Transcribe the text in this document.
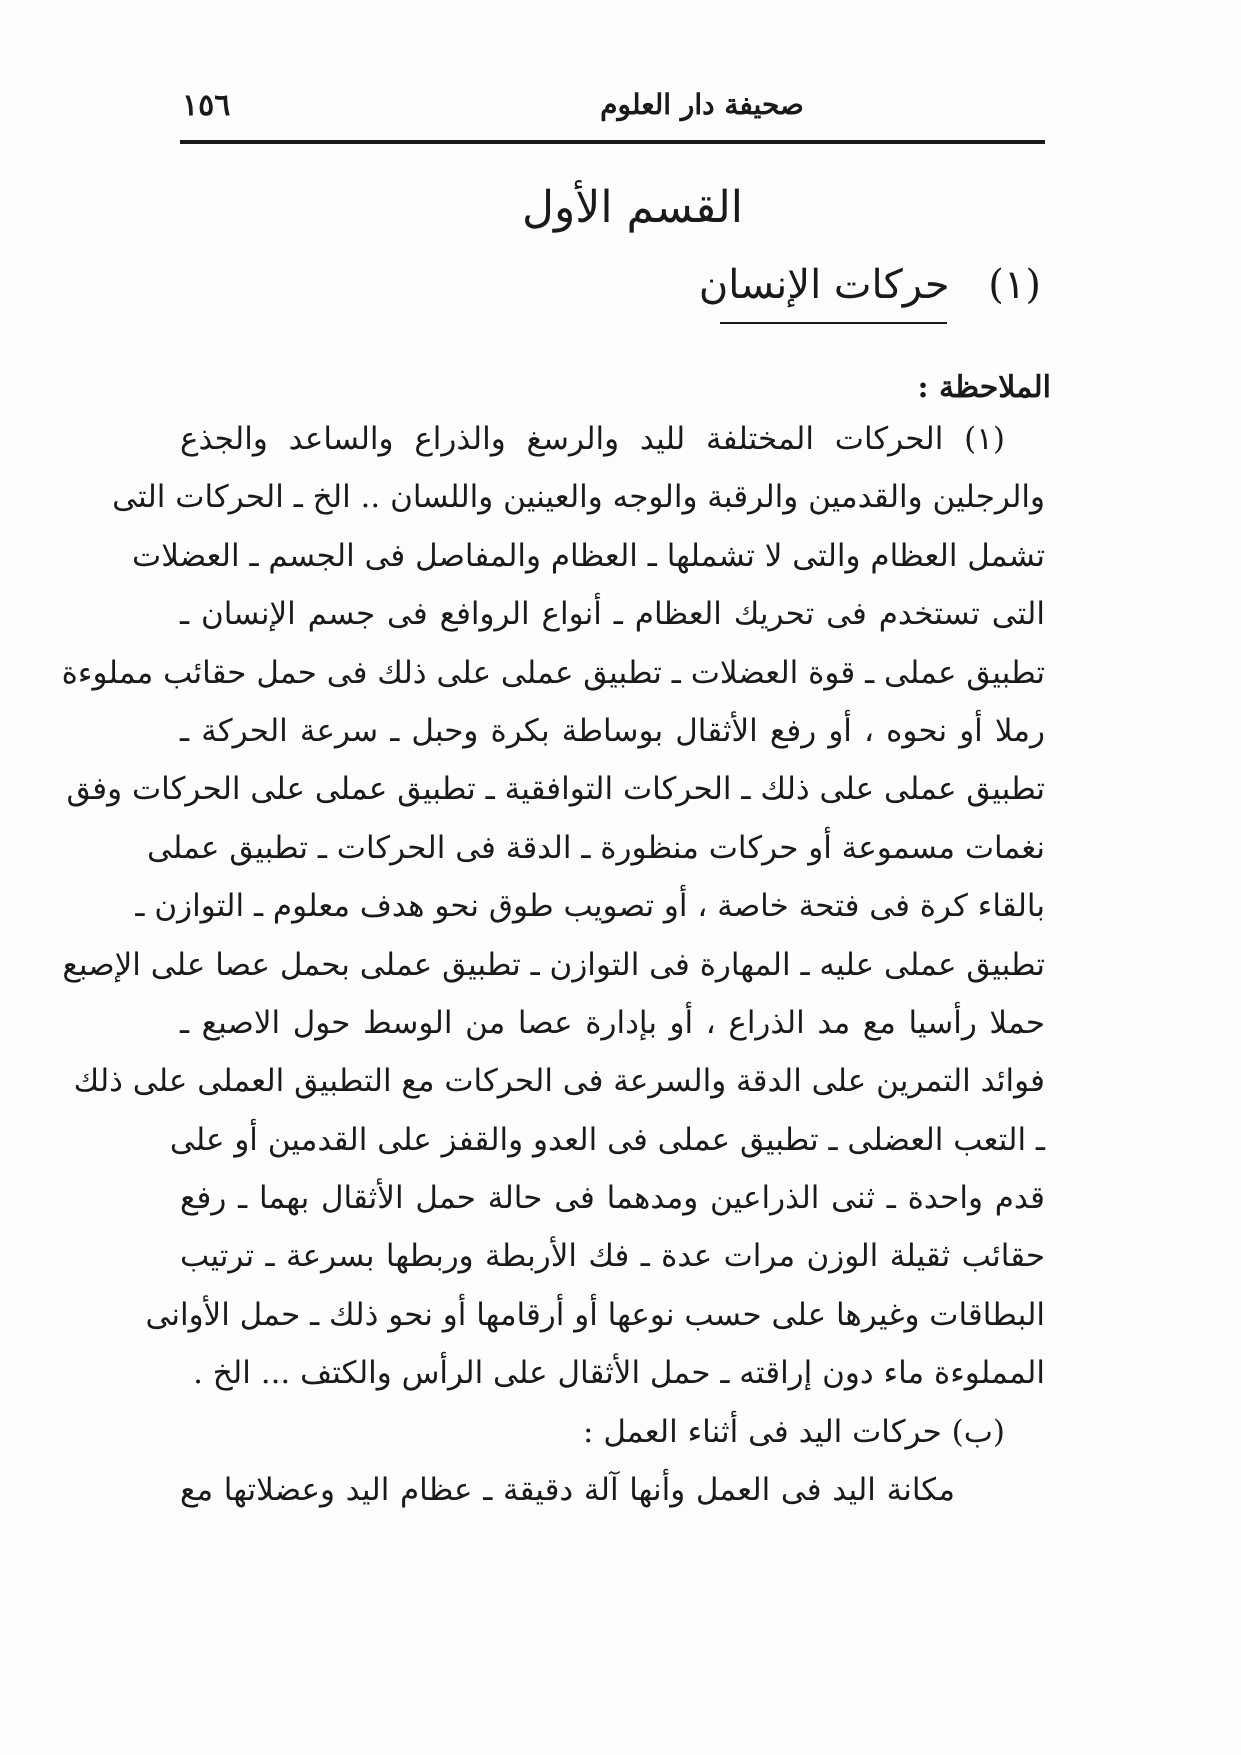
١٥٦	صحيفة دار العلوم
القسم الأول
(١) حركات الإنسان
الملاحظة :
(١) الحركات المختلفة لليد والرسغ والذراع والساعد والجذع
والرجلين والقدمين والرقبة والوجه والعينين واللسان .. الخ ـ الحركات التى
تشمل العظام والتى لا تشملها ـ العظام والمفاصل فى الجسم ـ العضلات
التى تستخدم فى تحريك العظام ـ أنواع الروافع فى جسم الإنسان ـ
تطبيق عملى ـ قوة العضلات ـ تطبيق عملى على ذلك فى حمل حقائب مملوءة
رملا أو نحوه ، أو رفع الأثقال بوساطة بكرة وحبل ـ سرعة الحركة ـ
تطبيق عملى على ذلك ـ الحركات التوافقية ـ تطبيق عملى على الحركات وفق
نغمات مسموعة أو حركات منظورة ـ الدقة فى الحركات ـ تطبيق عملى
بالقاء كرة فى فتحة خاصة ، أو تصويب طوق نحو هدف معلوم ـ التوازن ـ
تطبيق عملى عليه ـ المهارة فى التوازن ـ تطبيق عملى بحمل عصا على الإصبع
حملا رأسيا مع مد الذراع ، أو بإدارة عصا من الوسط حول الاصبع ـ
فوائد التمرين على الدقة والسرعة فى الحركات مع التطبيق العملى على ذلك
ـ التعب العضلى ـ تطبيق عملى فى العدو والقفز على القدمين أو على
قدم واحدة ـ ثنى الذراعين ومدهما فى حالة حمل الأثقال بهما ـ رفع
حقائب ثقيلة الوزن مرات عدة ـ فك الأربطة وربطها بسرعة ـ ترتيب
البطاقات وغيرها على حسب نوعها أو أرقامها أو نحو ذلك ـ حمل الأوانى
المملوءة ماء دون إراقته ـ حمل الأثقال على الرأس والكتف ... الخ .
(ب) حركات اليد فى أثناء العمل :
مكانة اليد فى العمل وأنها آلة دقيقة ـ عظام اليد وعضلاتها مع
